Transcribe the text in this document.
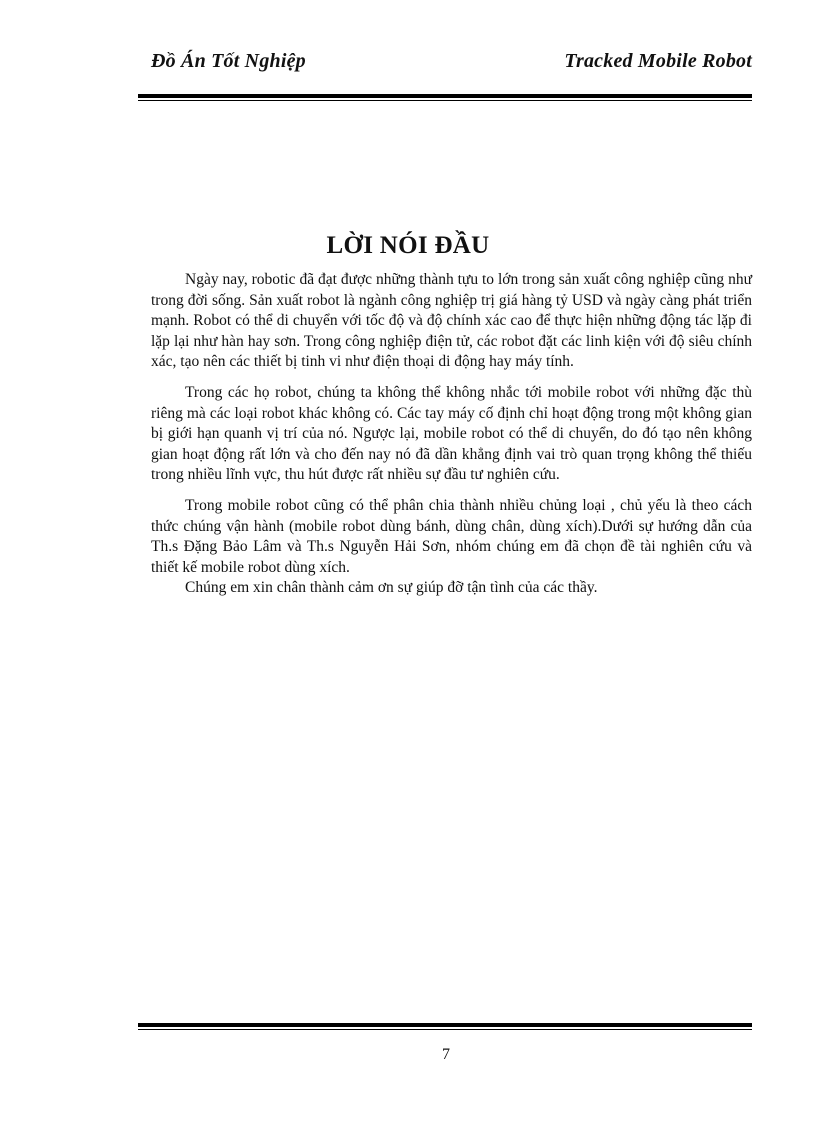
Đồ Án Tốt Nghiệp	Tracked Mobile Robot
LỜI NÓI ĐẦU

Ngày nay, robotic đã đạt được những thành tựu to lớn trong sản xuất công nghiệp cũng như trong đời sống. Sản xuất robot là ngành công nghiệp trị giá hàng tỷ USD và ngày càng phát triển mạnh. Robot có thể di chuyển với tốc độ và độ chính xác cao để thực hiện những động tác lặp đi lặp lại như hàn hay sơn. Trong công nghiệp điện tử, các robot đặt các linh kiện với độ siêu chính xác, tạo nên các thiết bị tinh vi như điện thoại di động hay máy tính.

Trong các họ robot, chúng ta không thể không nhắc tới mobile robot với những đặc thù riêng mà các loại robot khác không có. Các tay máy cố định chỉ hoạt động trong một không gian bị giới hạn quanh vị trí của nó. Ngược lại, mobile robot có thể di chuyển, do đó tạo nên không gian hoạt động rất lớn và cho đến nay nó đã dần khẳng định vai trò quan trọng không thể thiếu trong nhiều lĩnh vực, thu hút được rất nhiều sự đầu tư nghiên cứu.

Trong mobile robot cũng có thể phân chia thành nhiều chủng loại , chủ yếu là theo cách thức chúng vận hành (mobile robot dùng bánh, dùng chân, dùng xích).Dưới sự hướng dẫn của Th.s Đặng Bảo Lâm và Th.s Nguyễn Hải Sơn, nhóm chúng em đã chọn đề tài nghiên cứu và thiết kế mobile robot dùng xích.

Chúng em xin chân thành cảm ơn sự giúp đỡ tận tình của các thầy.

7
